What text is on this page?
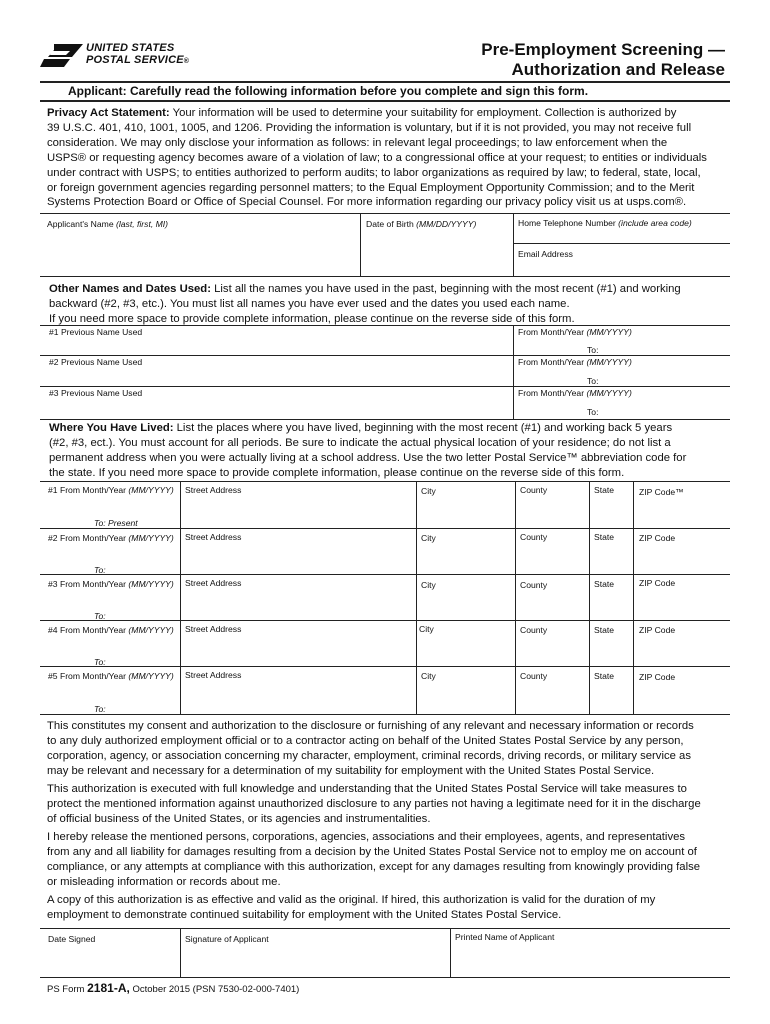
UNITED STATES
POSTAL SERVICE®
Pre-Employment Screening —
Authorization and Release
Applicant: Carefully read the following information before you complete and sign this form.
Privacy Act Statement: Your information will be used to determine your suitability for employment. Collection is authorized by
39 U.S.C. 401, 410, 1001, 1005, and 1206. Providing the information is voluntary, but if it is not provided, you may not receive full
consideration. We may only disclose your information as follows: in relevant legal proceedings; to law enforcement when the
USPS® or requesting agency becomes aware of a violation of law; to a congressional office at your request; to entities or individuals
under contract with USPS; to entities authorized to perform audits; to labor organizations as required by law; to federal, state, local,
or foreign government agencies regarding personnel matters; to the Equal Employment Opportunity Commission; and to the Merit
Systems Protection Board or Office of Special Counsel. For more information regarding our privacy policy visit us at usps.com®.
Applicant's Name (last, first, MI)	Date of Birth (MM/DD/YYYY)	Home Telephone Number (include area code)
Email Address
Other Names and Dates Used: List all the names you have used in the past, beginning with the most recent (#1) and working
backward (#2, #3, etc.). You must list all names you have ever used and the dates you used each name.
If you need more space to provide complete information, please continue on the reverse side of this form.
#1 Previous Name Used	From Month/Year (MM/YYYY)
To:
#2 Previous Name Used	From Month/Year (MM/YYYY)
To:
#3 Previous Name Used	From Month/Year (MM/YYYY)
To:
Where You Have Lived: List the places where you have lived, beginning with the most recent (#1) and working back 5 years
(#2, #3, ect.). You must account for all periods. Be sure to indicate the actual physical location of your residence; do not list a
permanent address when you were actually living at a school address. Use the two letter Postal Service™ abbreviation code for
the state. If you need more space to provide complete information, please continue on the reverse side of this form.
#1 From Month/Year (MM/YYYY) Street Address	City	County	State	ZIP Code™
To: Present
#2 From Month/Year (MM/YYYY) Street Address	City	County	State	ZIP Code
To:
#3 From Month/Year (MM/YYYY) Street Address	City	County	State	ZIP Code
To:
#4 From Month/Year (MM/YYYY) Street Address	City	County	State	ZIP Code
To:
#5 From Month/Year (MM/YYYY) Street Address	City	County	State	ZIP Code
To:
This constitutes my consent and authorization to the disclosure or furnishing of any relevant and necessary information or records
to any duly authorized employment official or to a contractor acting on behalf of the United States Postal Service by any person,
corporation, agency, or association concerning my character, employment, criminal records, driving records, or military service as
may be relevant and necessary for a determination of my suitability for employment with the United States Postal Service.
This authorization is executed with full knowledge and understanding that the United States Postal Service will take measures to
protect the mentioned information against unauthorized disclosure to any parties not having a legitimate need for it in the discharge
of official business of the United States, or its agencies and instrumentalities.
I hereby release the mentioned persons, corporations, agencies, associations and their employees, agents, and representatives
from any and all liability for damages resulting from a decision by the United States Postal Service not to employ me on account of
compliance, or any attempts at compliance with this authorization, except for any damages resulting from knowingly providing false
or misleading information or records about me.
A copy of this authorization is as effective and valid as the original. If hired, this authorization is valid for the duration of my
employment to demonstrate continued suitability for employment with the United States Postal Service.
Date Signed	Signature of Applicant	Printed Name of Applicant
PS Form 2181-A, October 2015 (PSN 7530-02-000-7401)
